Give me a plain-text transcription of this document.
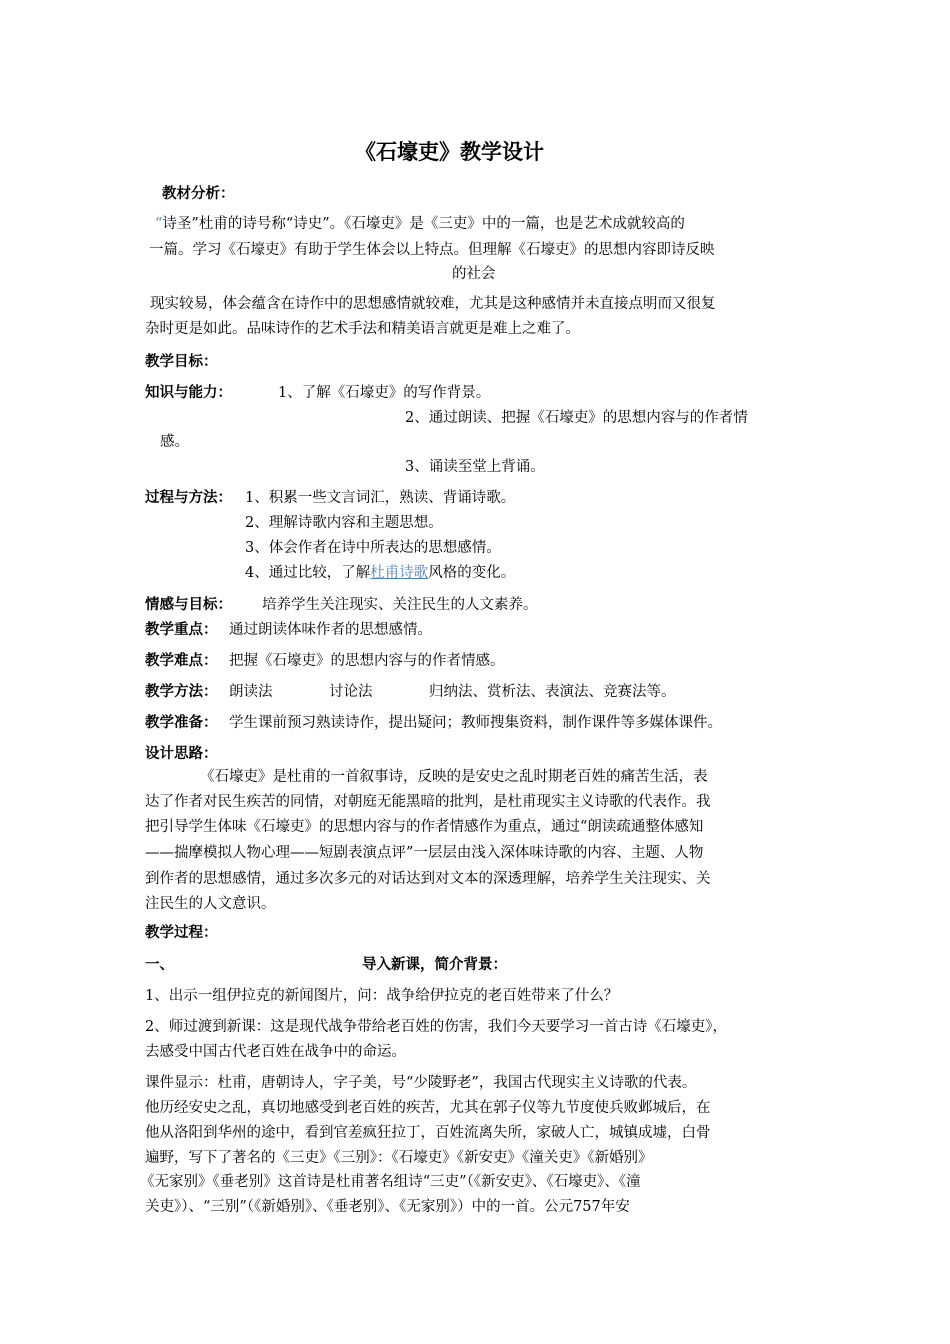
《石壕吏》教学设计
教材分析：
“诗圣”杜甫的诗号称“诗史”。《石壕吏》是《三吏》中的一篇，也是艺术成就较高的
一篇。学习《石壕吏》有助于学生体会以上特点。但理解《石壕吏》的思想内容即诗反映
的社会
现实较易，体会蕴含在诗作中的思想感情就较难，尤其是这种感情并未直接点明而又很复
杂时更是如此。品味诗作的艺术手法和精美语言就更是难上之难了。
教学目标：
知识与能力：	1、了解《石壕吏》的写作背景。
2、通过朗读、把握《石壕吏》的思想内容与的作者情
感。
3、诵读至堂上背诵。
过程与方法： 1、积累一些文言词汇，熟读、背诵诗歌。
2、理解诗歌内容和主题思想。
3、体会作者在诗中所表达的思想感情。
4、通过比较，了解杜甫诗歌风格的变化。
情感与目标： 培养学生关注现实、关注民生的人文素养。
教学重点： 通过朗读体味作者的思想感情。
教学难点： 把握《石壕吏》的思想内容与的作者情感。
教学方法： 朗读法	讨论法	归纳法、赏析法、表演法、竞赛法等。
教学准备： 学生课前预习熟读诗作，提出疑问；教师搜集资料，制作课件等多媒体课件。
设计思路：
《石壕吏》是杜甫的一首叙事诗，反映的是安史之乱时期老百姓的痛苦生活，表
达了作者对民生疾苦的同情，对朝庭无能黑暗的批判，是杜甫现实主义诗歌的代表作。我
把引导学生体味《石壕吏》的思想内容与的作者情感作为重点，通过“朗读疏通整体感知
——揣摩模拟人物心理——短剧表演点评”一层层由浅入深体味诗歌的内容、主题、人物
到作者的思想感情，通过多次多元的对话达到对文本的深透理解，培养学生关注现实、关
注民生的人文意识。
教学过程：
一、	导入新课，简介背景：
1、出示一组伊拉克的新闻图片，问：战争给伊拉克的老百姓带来了什么？
2、师过渡到新课：这是现代战争带给老百姓的伤害，我们今天要学习一首古诗《石壕吏》，
去感受中国古代老百姓在战争中的命运。
课件显示：杜甫，唐朝诗人，字子美，号“少陵野老”，我国古代现实主义诗歌的代表。
他历经安史之乱，真切地感受到老百姓的疾苦，尤其在郭子仪等九节度使兵败邺城后，在
他从洛阳到华州的途中，看到官差疯狂拉丁，百姓流离失所，家破人亡，城镇成墟，白骨
遍野，写下了著名的《三吏》《三别》：《石壕吏》《新安吏》《潼关吏》《新婚别》
《无家别》《垂老别》这首诗是杜甫著名组诗“三吏”（《新安吏》、《石壕吏》、《潼
关吏》）、“三别”（《新婚别》、《垂老别》、《无家别》）中的一首。公元757年安
